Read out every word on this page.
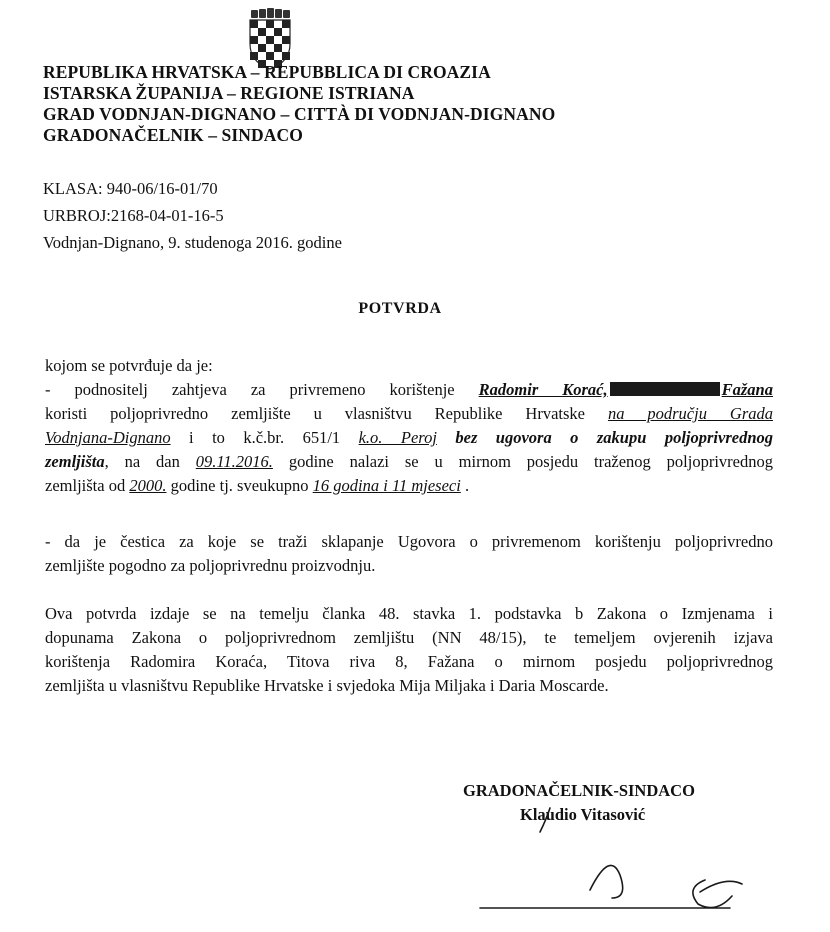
REPUBLIKA HRVATSKA – REPUBBLICA DI CROAZIA
ISTARSKA ŽUPANIJA – REGIONE ISTRIANA
GRAD VODNJAN-DIGNANO – CITTÀ DI VODNJAN-DIGNANO
GRADONAČELNIK – SINDACO
KLASA: 940-06/16-01/70
URBROJ:2168-04-01-16-5
Vodnjan-Dignano, 9. studenoga 2016. godine
POTVRDA
kojom se potvrđuje da je:
- podnositelj zahtjeva za privremeno korištenje Radomir Korać,	Fažana
koristi poljoprivredno zemljište u vlasništvu Republike Hrvatske na području Grada
Vodnjana-Dignano i to k.č.br. 651/1 k.o. Peroj bez ugovora o zakupu poljoprivrednog
zemljišta, na dan 09.11.2016. godine nalazi se u mirnom posjedu traženog poljoprivrednog
zemljišta od 2000. godine tj. sveukupno 16 godina i 11 mjeseci .
- da je čestica za koje se traži sklapanje Ugovora o privremenom korištenju poljoprivredno
zemljište pogodno za poljoprivrednu proizvodnju.
Ova potvrda izdaje se na temelju članka 48. stavka 1. podstavka b Zakona o Izmjenama i
dopunama Zakona o poljoprivrednom zemljištu (NN 48/15), te temeljem ovjerenih izjava
korištenja Radomira Koraća, Titova riva 8, Fažana o mirnom posjedu poljoprivrednog
zemljišta u vlasništvu Republike Hrvatske i svjedoka Mija Miljaka i Daria Moscarde.
GRADONAČELNIK-SINDACO
Klaudio Vitasović
